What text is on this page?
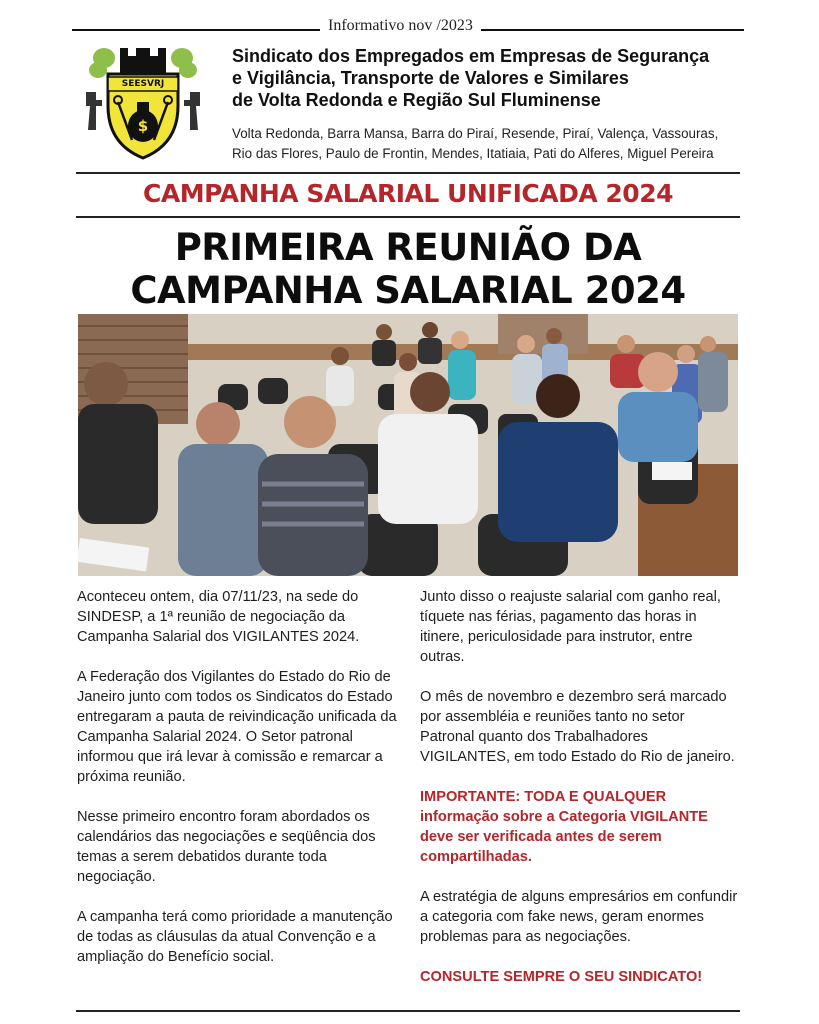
Informativo nov /2023
SEESVRJ
$
Sindicato dos Empregados em Empresas de Segurança
e Vigilância, Transporte de Valores e Similares
de Volta Redonda e Região Sul Fluminense
Volta Redonda, Barra Mansa, Barra do Piraí, Resende, Piraí, Valença, Vassouras,
Rio das Flores, Paulo de Frontin, Mendes, Itatiaia, Pati do Alferes, Miguel Pereira
CAMPANHA SALARIAL UNIFICADA 2024
PRIMEIRA REUNIÃO DA
CAMPANHA SALARIAL 2024

Aconteceu ontem, dia 07/11/23, na sede do SINDESP, a 1ª reunião de negociação da Campanha Salarial dos VIGILANTES 2024.

A Federação dos Vigilantes do Estado do Rio de Janeiro junto com todos os Sindicatos do Estado entregaram a pauta de reivindicação unificada da Campanha Salarial 2024. O Setor patronal informou que irá levar à comissão e remarcar a próxima reunião.

Nesse primeiro encontro foram abordados os calendários das negociações e seqüência dos temas a serem debatidos durante toda negociação.

A campanha terá como prioridade a manutenção de todas as cláusulas da atual Convenção e a ampliação do Benefício social.

Junto disso o reajuste salarial com ganho real, tíquete nas férias, pagamento das horas in itinere, periculosidade para instrutor, entre outras.

O mês de novembro e dezembro será marcado por assembléia e reuniões tanto no setor Patronal quanto dos Trabalhadores VIGILANTES, em todo Estado do Rio de janeiro.

IMPORTANTE: TODA E QUALQUER informação sobre a Categoria VIGILANTE deve ser verificada antes de serem compartilhadas.

A estratégia de alguns empresários em confundir a categoria com fake news, geram enormes problemas para as negociações.

CONSULTE SEMPRE O SEU SINDICATO!
